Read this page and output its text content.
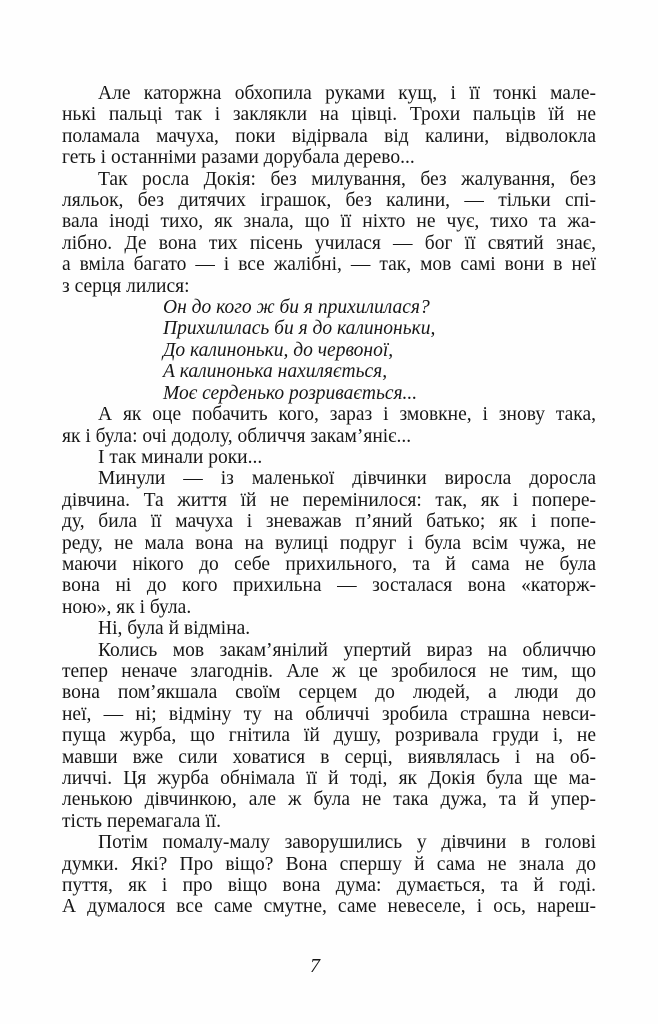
Але каторжна обхопила руками кущ, і її тонкі мале-
нькі пальці так і заклякли на цівці. Трохи пальців їй не
поламала мачуха, поки відірвала від калини, відволокла
геть і останніми разами дорубала дерево...
Так росла Докія: без милування, без жалування, без
ляльок, без дитячих іграшок, без калини, — тільки спі-
вала іноді тихо, як знала, що її ніхто не чує, тихо та жа-
лібно. Де вона тих пісень училася — бог її святий знає,
а вміла багато — і все жалібні, — так, мов самі вони в неї
з серця лилися:
Он до кого ж би я прихилилася?
Прихилилась би я до калиноньки,
До калиноньки, до червоної,
А калинонька нахиляється,
Моє серденько розривається...
А як оце побачить кого, зараз і змовкне, і знову така,
як і була: очі додолу, обличчя закам’яніє...
І так минали роки...
Минули — із маленької дівчинки виросла доросла
дівчина. Та життя їй не перемінилося: так, як і попере-
ду, била її мачуха і зневажав п’яний батько; як і попе-
реду, не мала вона на вулиці подруг і була всім чужа, не
маючи нікого до себе прихильного, та й сама не була
вона ні до кого прихильна — зосталася вона «каторж-
ною», як і була.
Ні, була й відміна.
Колись мов закам’янілий упертий вираз на обличчю
тепер неначе злагоднів. Але ж це зробилося не тим, що
вона пом’якшала своїм серцем до людей, а люди до
неї, — ні; відміну ту на обличчі зробила страшна невси-
пуща журба, що гнітила їй душу, розривала груди і, не
мавши вже сили ховатися в серці, виявлялась і на об-
личчі. Ця журба обнімала її й тоді, як Докія була ще ма-
ленькою дівчинкою, але ж була не така дужа, та й упер-
тість перемагала її.
Потім помалу-малу заворушились у дівчини в голові
думки. Які? Про віщо? Вона спершу й сама не знала до
пуття, як і про віщо вона дума: думається, та й годі.
А думалося все саме смутне, саме невеселе, і ось, нареш-
7
